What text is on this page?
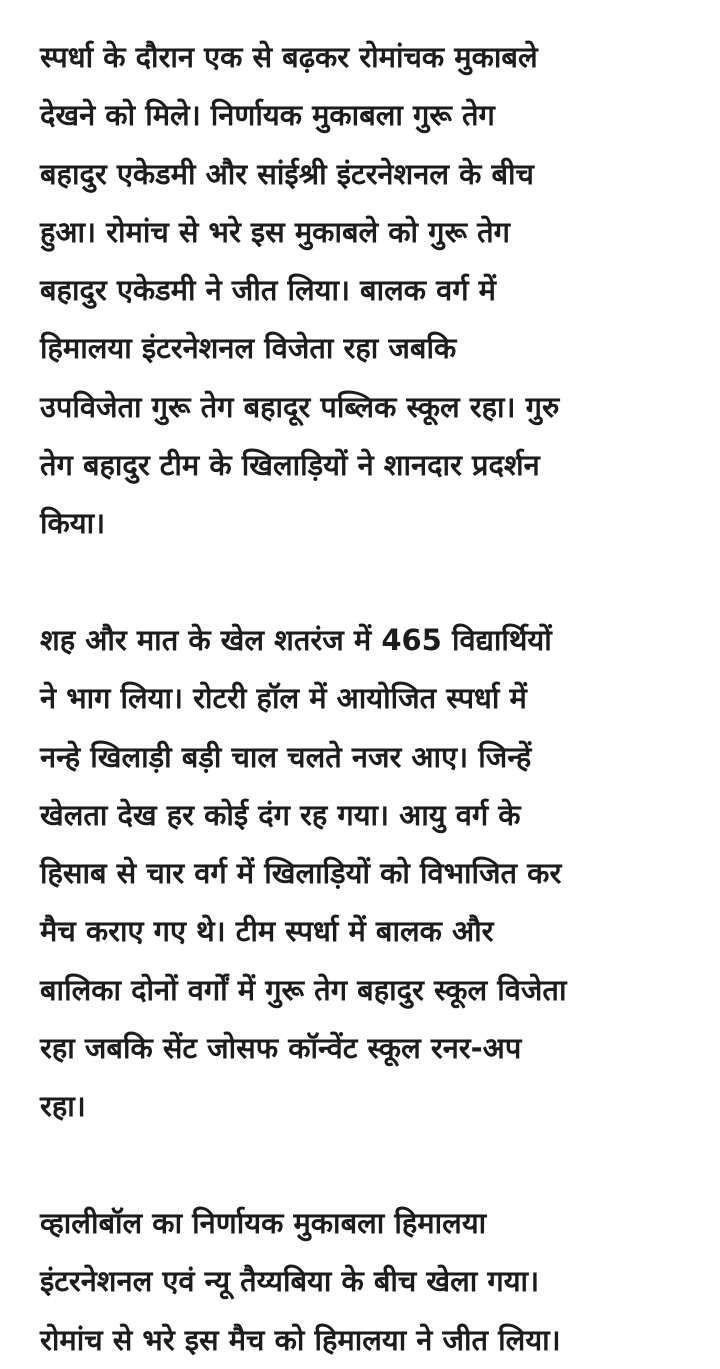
स्पर्धा के दौरान एक से बढ़कर रोमांचक मुकाबले
देखने को मिले। निर्णायक मुकाबला गुरू तेग
बहादुर एकेडमी और सांईश्री इंटरनेशनल के बीच
हुआ। रोमांच से भरे इस मुकाबले को गुरू तेग
बहादुर एकेडमी ने जीत लिया। बालक वर्ग में
हिमालया इंटरनेशनल विजेता रहा जबकि
उपविजेता गुरू तेग बहादूर पब्लिक स्कूल रहा। गुरु
तेग बहादुर टीम के खिलाड़ियों ने शानदार प्रदर्शन
किया।

शह और मात के खेल शतरंज में 465 विद्यार्थियों
ने भाग लिया। रोटरी हॉल में आयोजित स्पर्धा में
नन्हे खिलाड़ी बड़ी चाल चलते नजर आए। जिन्हें
खेलता देख हर कोई दंग रह गया। आयु वर्ग के
हिसाब से चार वर्ग में खिलाड़ियों को विभाजित कर
मैच कराए गए थे। टीम स्पर्धा में बालक और
बालिका दोनों वर्गों में गुरू तेग बहादुर स्कूल विजेता
रहा जबकि सेंट जोसफ कॉन्वेंट स्कूल रनर-अप
रहा।

व्हालीबॉल का निर्णायक मुकाबला हिमालया
इंटरनेशनल एवं न्यू तैय्यबिया के बीच खेला गया।
रोमांच से भरे इस मैच को हिमालया ने जीत लिया।
